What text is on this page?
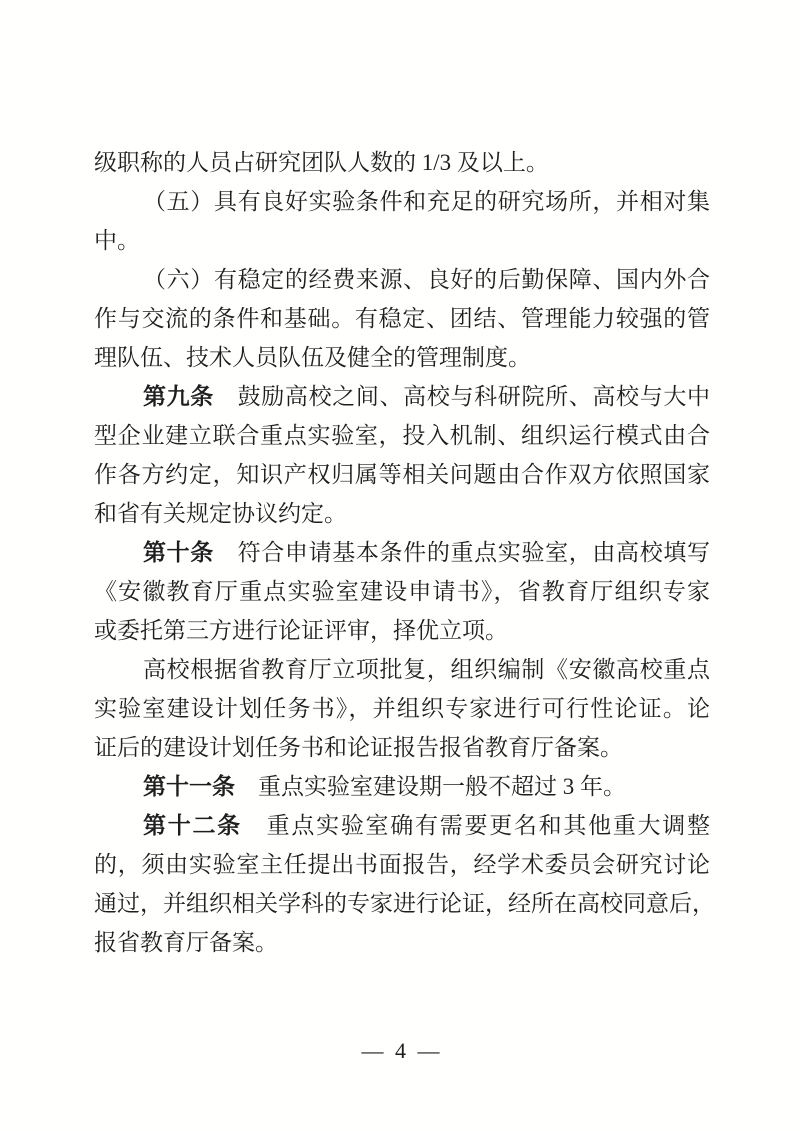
级职称的人员占研究团队人数的 1/3 及以上。
（五）具有良好实验条件和充足的研究场所，并相对集
中。
（六）有稳定的经费来源、良好的后勤保障、国内外合
作与交流的条件和基础。有稳定、团结、管理能力较强的管
理队伍、技术人员队伍及健全的管理制度。
第九条　鼓励高校之间、高校与科研院所、高校与大中
型企业建立联合重点实验室，投入机制、组织运行模式由合
作各方约定，知识产权归属等相关问题由合作双方依照国家
和省有关规定协议约定。
第十条　符合申请基本条件的重点实验室，由高校填写
《安徽教育厅重点实验室建设申请书》，省教育厅组织专家
或委托第三方进行论证评审，择优立项。
高校根据省教育厅立项批复，组织编制《安徽高校重点
实验室建设计划任务书》，并组织专家进行可行性论证。论
证后的建设计划任务书和论证报告报省教育厅备案。
第十一条　重点实验室建设期一般不超过 3 年。
第十二条　重点实验室确有需要更名和其他重大调整
的，须由实验室主任提出书面报告，经学术委员会研究讨论
通过，并组织相关学科的专家进行论证，经所在高校同意后，
报省教育厅备案。
— 4 —
